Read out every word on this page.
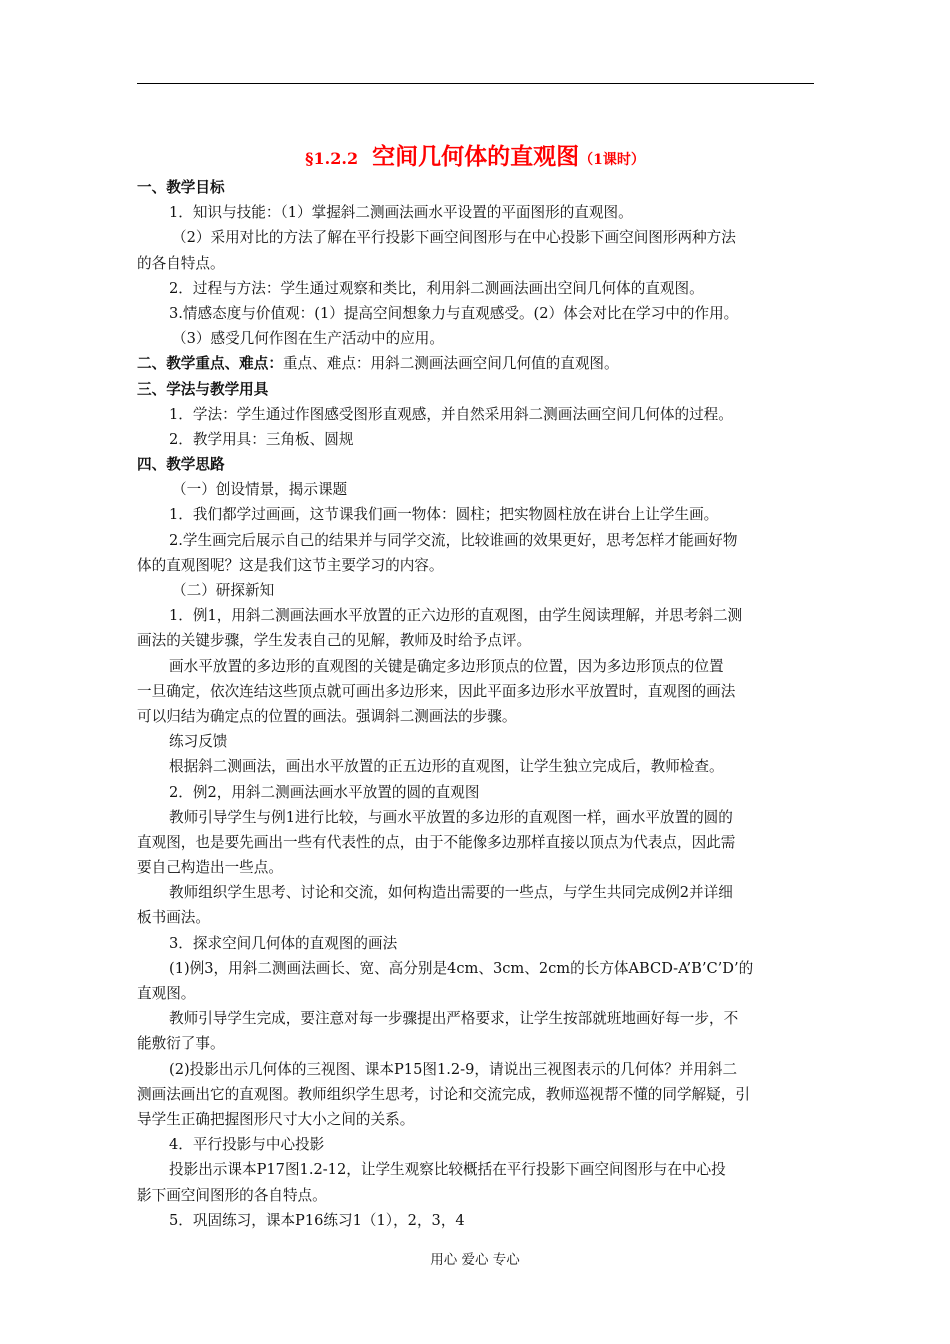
§1.2.2 空间几何体的直观图（1课时）
一、教学目标
1．知识与技能：（1）掌握斜二测画法画水平设置的平面图形的直观图。
（2）采用对比的方法了解在平行投影下画空间图形与在中心投影下画空间图形两种方法
的各自特点。
2．过程与方法：学生通过观察和类比，利用斜二测画法画出空间几何体的直观图。
3.情感态度与价值观：(1）提高空间想象力与直观感受。(2）体会对比在学习中的作用。
（3）感受几何作图在生产活动中的应用。
二、教学重点、难点：重点、难点：用斜二测画法画空间几何值的直观图。
三、学法与教学用具
1．学法：学生通过作图感受图形直观感，并自然采用斜二测画法画空间几何体的过程。
2．教学用具：三角板、圆规
四、教学思路
（一）创设情景，揭示课题
1．我们都学过画画，这节课我们画一物体：圆柱；把实物圆柱放在讲台上让学生画。
2.学生画完后展示自己的结果并与同学交流，比较谁画的效果更好，思考怎样才能画好物
体的直观图呢？这是我们这节主要学习的内容。
（二）研探新知
1．例1，用斜二测画法画水平放置的正六边形的直观图，由学生阅读理解，并思考斜二测
画法的关键步骤，学生发表自己的见解，教师及时给予点评。
画水平放置的多边形的直观图的关键是确定多边形顶点的位置，因为多边形顶点的位置
一旦确定，依次连结这些顶点就可画出多边形来，因此平面多边形水平放置时，直观图的画法
可以归结为确定点的位置的画法。强调斜二测画法的步骤。
练习反馈
根据斜二测画法，画出水平放置的正五边形的直观图，让学生独立完成后，教师检查。
2．例2，用斜二测画法画水平放置的圆的直观图
教师引导学生与例1进行比较，与画水平放置的多边形的直观图一样，画水平放置的圆的
直观图，也是要先画出一些有代表性的点，由于不能像多边那样直接以顶点为代表点，因此需
要自己构造出一些点。
教师组织学生思考、讨论和交流，如何构造出需要的一些点，与学生共同完成例2并详细
板书画法。
3．探求空间几何体的直观图的画法
(1)例3，用斜二测画法画长、宽、高分别是4cm、3cm、2cm的长方体ABCD-A’B’C’D’的
直观图。
教师引导学生完成，要注意对每一步骤提出严格要求，让学生按部就班地画好每一步，不
能敷衍了事。
(2)投影出示几何体的三视图、课本P15图1.2-9，请说出三视图表示的几何体？并用斜二
测画法画出它的直观图。教师组织学生思考，讨论和交流完成，教师巡视帮不懂的同学解疑，引
导学生正确把握图形尺寸大小之间的关系。
4．平行投影与中心投影
投影出示课本P17图1.2-12，让学生观察比较概括在平行投影下画空间图形与在中心投
影下画空间图形的各自特点。
5．巩固练习，课本P16练习1（1），2，3，4
用心 爱心 专心
